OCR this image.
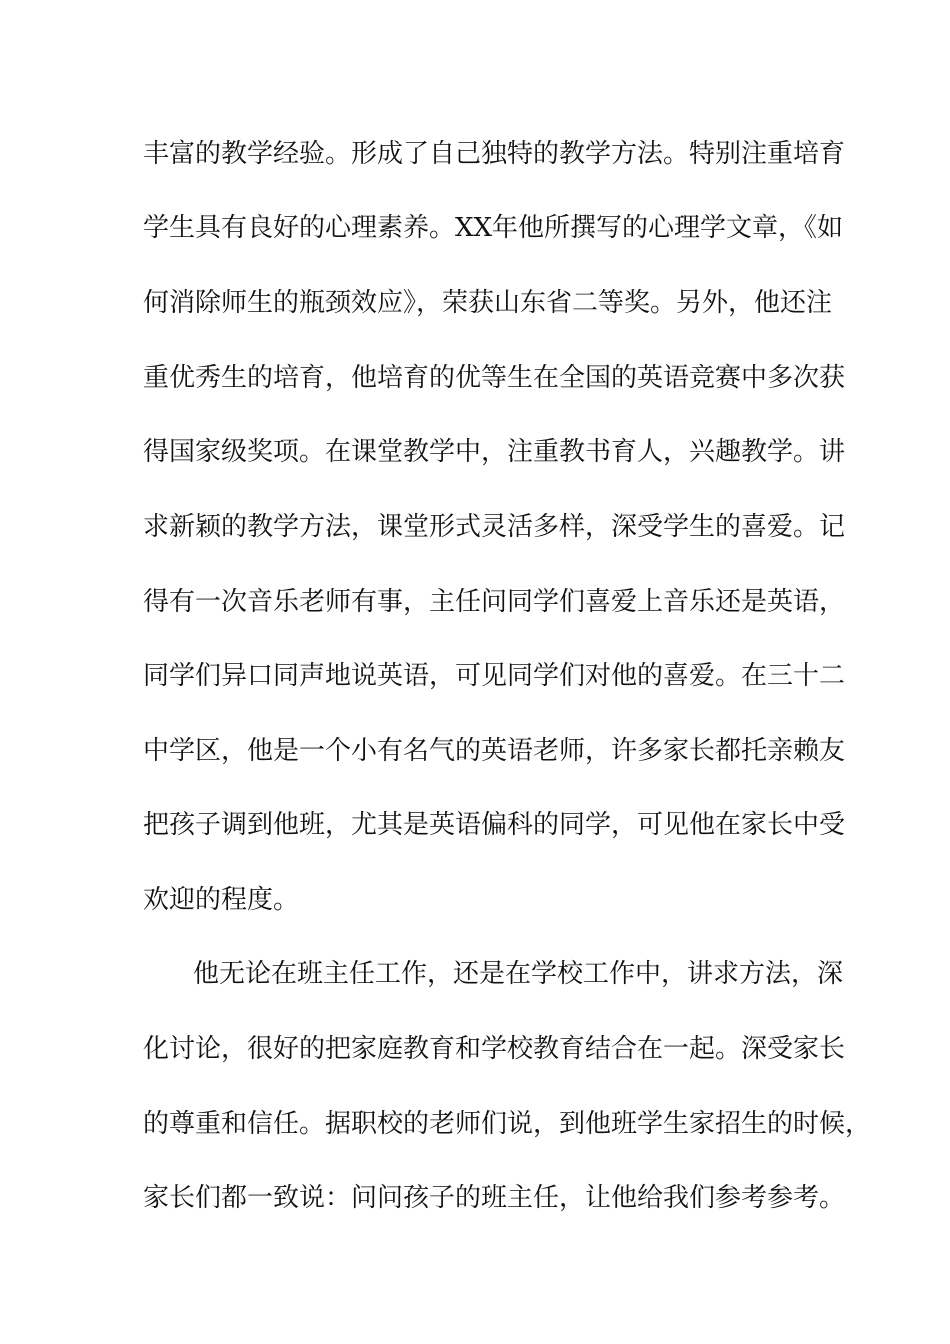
丰富的教学经验。形成了自己独特的教学方法。特别注重培育
学生具有良好的心理素养。XX年他所撰写的心理学文章，《如
何消除师生的瓶颈效应》，荣获山东省二等奖。另外，他还注
重优秀生的培育，他培育的优等生在全国的英语竞赛中多次获
得国家级奖项。在课堂教学中，注重教书育人，兴趣教学。讲
求新颖的教学方法，课堂形式灵活多样，深受学生的喜爱。记
得有一次音乐老师有事，主任问同学们喜爱上音乐还是英语，
同学们异口同声地说英语，可见同学们对他的喜爱。在三十二
中学区，他是一个小有名气的英语老师，许多家长都托亲赖友
把孩子调到他班，尤其是英语偏科的同学，可见他在家长中受
欢迎的程度。
他无论在班主任工作，还是在学校工作中，讲求方法，深
化讨论，很好的把家庭教育和学校教育结合在一起。深受家长
的尊重和信任。据职校的老师们说，到他班学生家招生的时候，
家长们都一致说：问问孩子的班主任，让他给我们参考参考。
